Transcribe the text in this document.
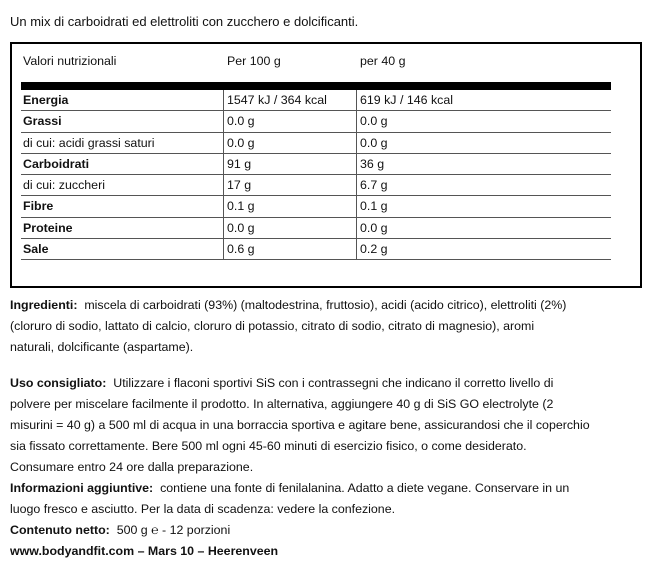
Un mix di carboidrati ed elettroliti con zucchero e dolcificanti.
Valori nutrizionali	Per 100 g	per 40 g
Energia	1547 kJ / 364 kcal	619 kJ / 146 kcal
Grassi	0.0 g	0.0 g
di cui: acidi grassi saturi	0.0 g	0.0 g
Carboidrati	91 g	36 g
di cui: zuccheri	17 g	6.7 g
Fibre	0.1 g	0.1 g
Proteine	0.0 g	0.0 g
Sale	0.6 g	0.2 g
Ingredienti: miscela di carboidrati (93%) (maltodestrina, fruttosio), acidi (acido citrico), elettroliti (2%)
(cloruro di sodio, lattato di calcio, cloruro di potassio, citrato di sodio, citrato di magnesio), aromi
naturali, dolcificante (aspartame).
Uso consigliato: Utilizzare i flaconi sportivi SiS con i contrassegni che indicano il corretto livello di
polvere per miscelare facilmente il prodotto. In alternativa, aggiungere 40 g di SiS GO electrolyte (2
misurini = 40 g) a 500 ml di acqua in una borraccia sportiva e agitare bene, assicurandosi che il coperchio
sia fissato correttamente. Bere 500 ml ogni 45-60 minuti di esercizio fisico, o come desiderato.
Consumare entro 24 ore dalla preparazione.
Informazioni aggiuntive: contiene una fonte di fenilalanina. Adatto a diete vegane. Conservare in un
luogo fresco e asciutto. Per la data di scadenza: vedere la confezione.
Contenuto netto: 500 g ℮ - 12 porzioni
www.bodyandfit.com – Mars 10 – Heerenveen
